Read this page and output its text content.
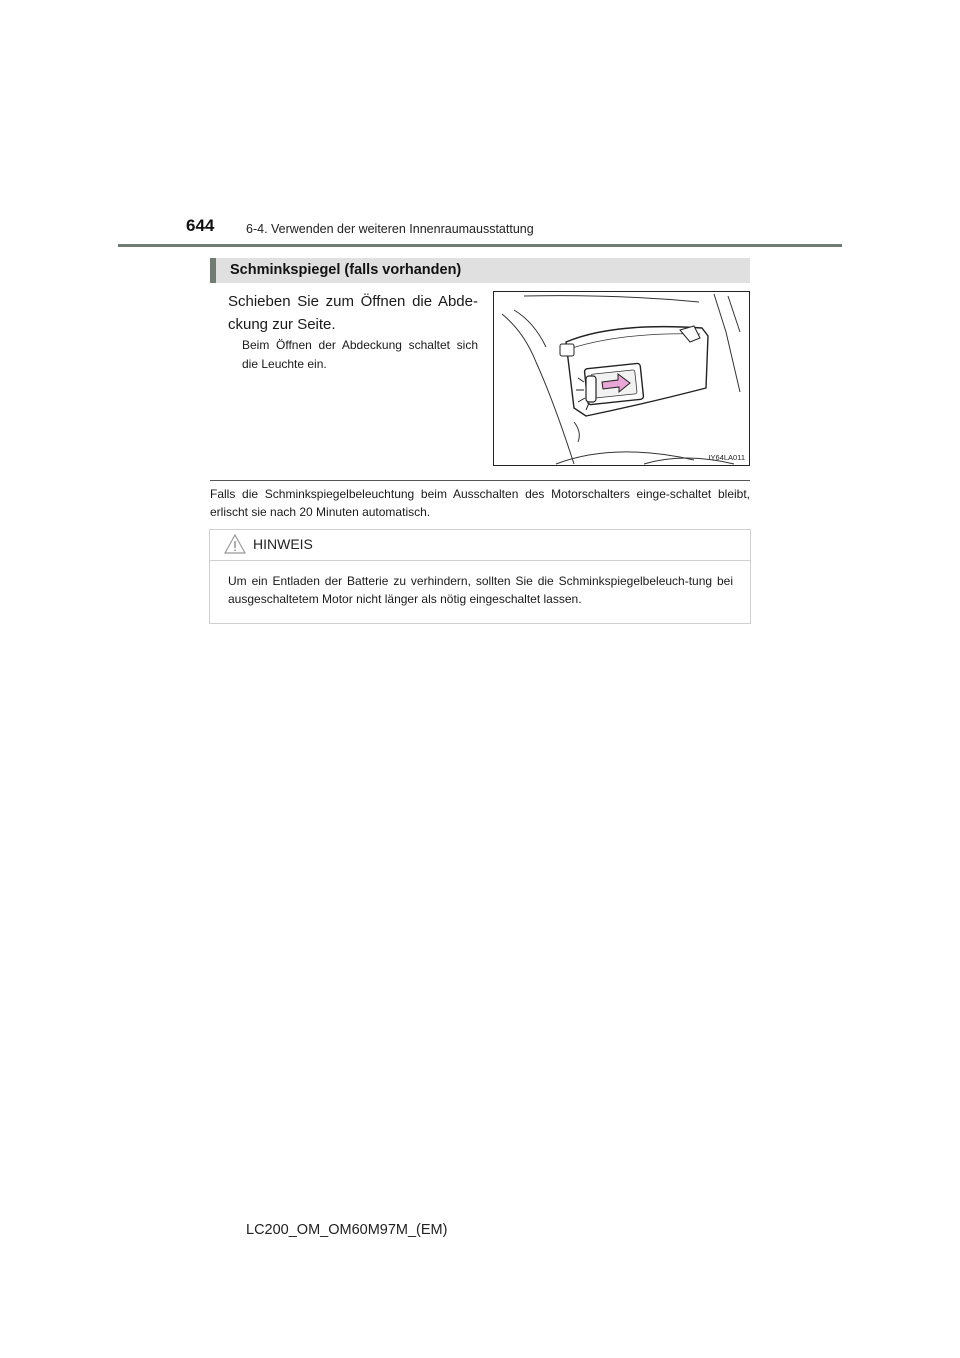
644	6-4. Verwenden der weiteren Innenraumausstattung
Schminkspiegel (falls vorhanden)
Schieben Sie zum Öffnen die Abde-ckung zur Seite.
Beim Öffnen der Abdeckung schaltet sich die Leuchte ein.
IY64LA011
Falls die Schminkspiegelbeleuchtung beim Ausschalten des Motorschalters einge-schaltet bleibt, erlischt sie nach 20 Minuten automatisch.
HINWEIS
Um ein Entladen der Batterie zu verhindern, sollten Sie die Schminkspiegelbeleuch-tung bei ausgeschaltetem Motor nicht länger als nötig eingeschaltet lassen.
LC200_OM_OM60M97M_(EM)
